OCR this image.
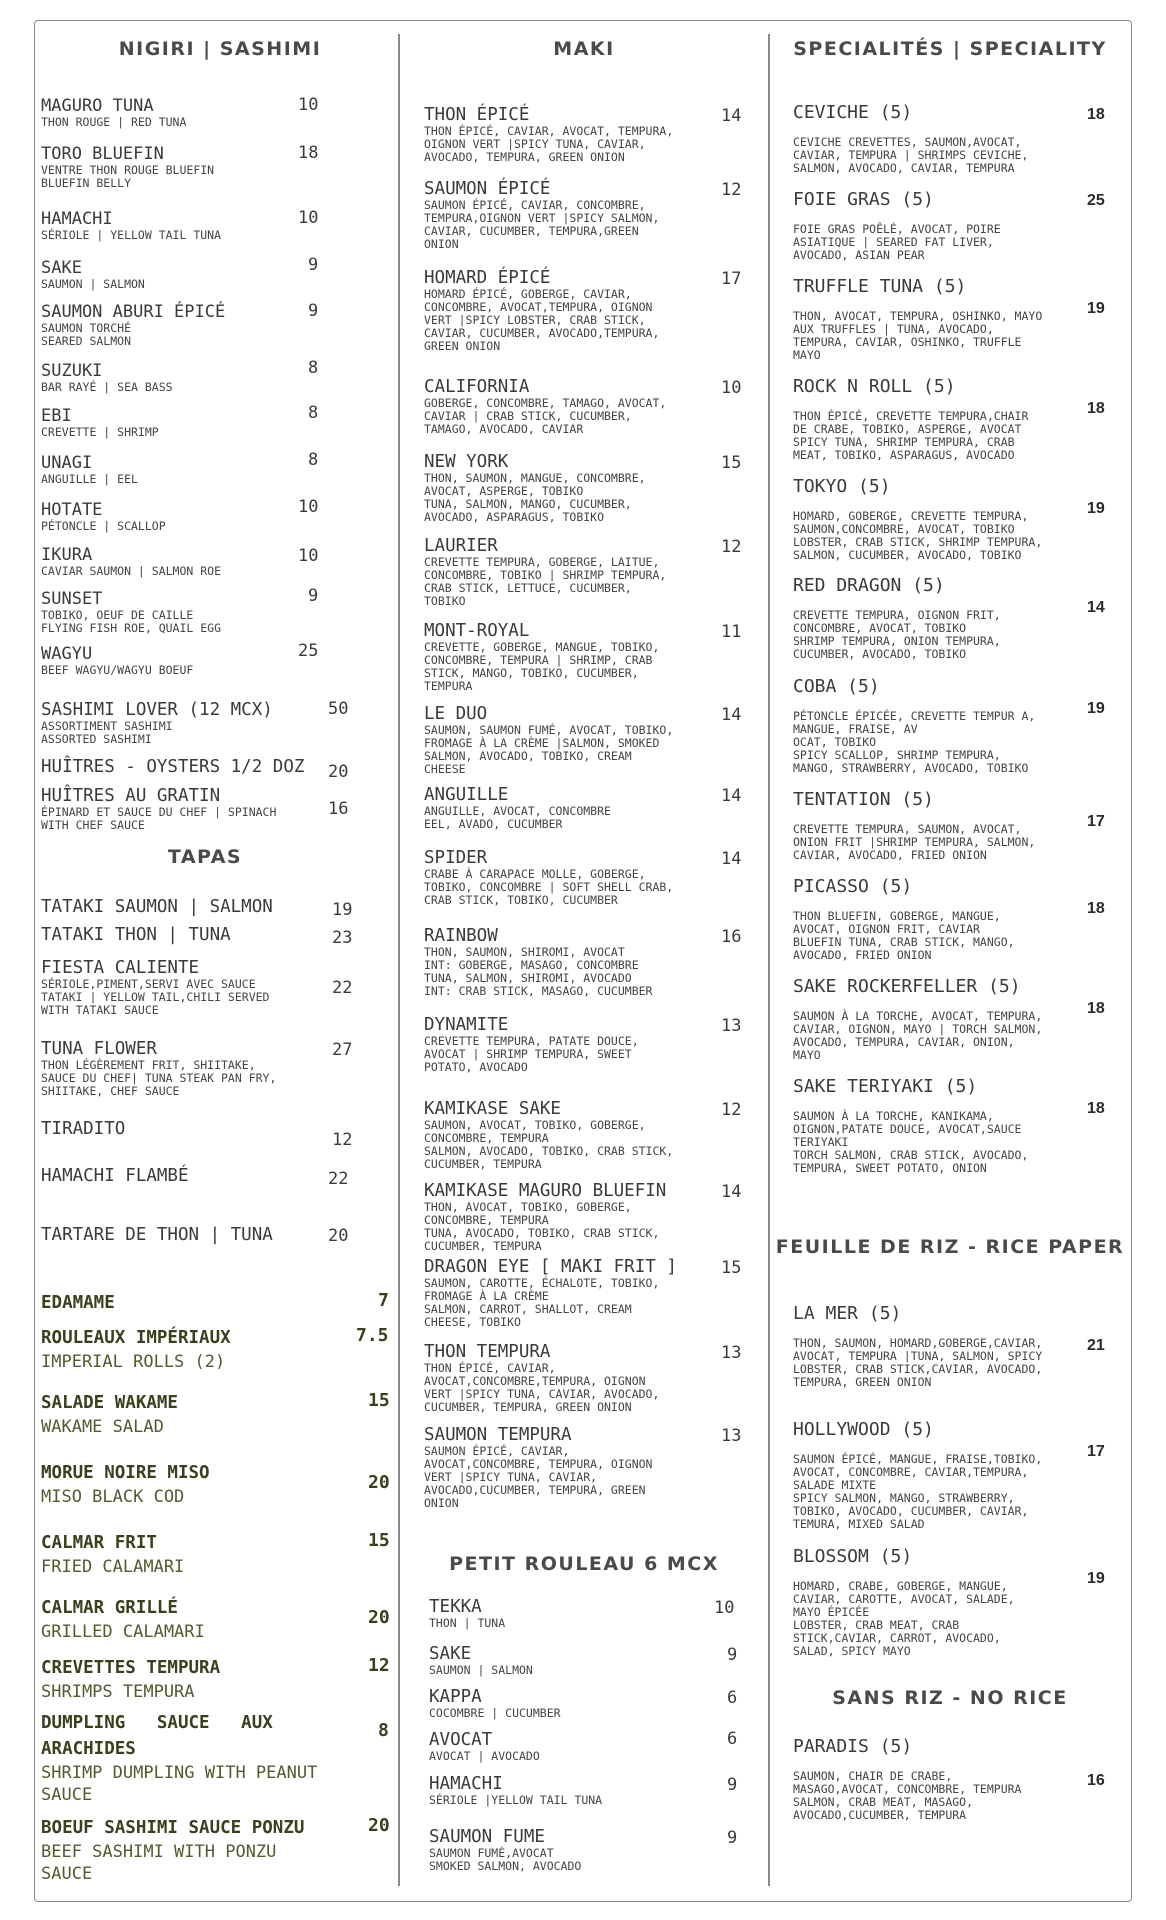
NIGIRI | SASHIMI	MAKI	SPECIALITÉS | SPECIALITY
MAGURO TUNA
THON ROUGE | RED TUNA
10
TORO BLUEFIN
VENTRE THON ROUGE BLUEFIN
BLUEFIN BELLY
18
HAMACHI
SÉRIOLE | YELLOW TAIL TUNA
10
SAKE
SAUMON | SALMON
9
SAUMON ABURI ÉPICÉ
SAUMON TORCHÉ
SEARED SALMON
9
SUZUKI
BAR RAYÉ | SEA BASS
8
EBI
CREVETTE | SHRIMP
8
UNAGI
ANGUILLE | EEL
8
HOTATE
PÉTONCLE | SCALLOP
10
IKURA
CAVIAR SAUMON | SALMON ROE
10
SUNSET
TOBIKO, OEUF DE CAILLE
FLYING FISH ROE, QUAIL EGG
9
WAGYU
BEEF WAGYU/WAGYU BOEUF
25
SASHIMI LOVER (12 MCX)
ASSORTIMENT SASHIMI
ASSORTED SASHIMI
50
HUÎTRES - OYSTERS 1/2 DOZ 20
HUÎTRES AU GRATIN
ÉPINARD ET SAUCE DU CHEF | SPINACH
WITH CHEF SAUCE
16
TAPAS
TATAKI SAUMON | SALMON	19
TATAKI THON | TUNA	23
FIESTA CALIENTE
SÉRIOLE,PIMENT,SERVI AVEC SAUCE
TATAKI | YELLOW TAIL,CHILI SERVED
WITH TATAKI SAUCE
22
TUNA FLOWER
THON LÉGÈREMENT FRIT, SHIITAKE,
SAUCE DU CHEF| TUNA STEAK PAN FRY,
SHIITAKE, CHEF SAUCE
27
TIRADITO
12
HAMACHI FLAMBÉ	22
TARTARE DE THON | TUNA	20
EDAMAME	7
ROULEAUX IMPÉRIAUX
IMPERIAL ROLLS (2)
7.5
SALADE WAKAME
WAKAME SALAD
15
MORUE NOIRE MISO
MISO BLACK COD
20
CALMAR FRIT
FRIED CALAMARI
15
CALMAR GRILLÉ
GRILLED CALAMARI
20
CREVETTES TEMPURA
SHRIMPS TEMPURA
12
DUMPLING   SAUCE   AUX
ARACHIDES
SHRIMP DUMPLING WITH PEANUT
SAUCE
8
BOEUF SASHIMI SAUCE PONZU
BEEF SASHIMI WITH PONZU
SAUCE
20
THON ÉPICÉ
THON ÉPICÉ, CAVIAR, AVOCAT, TEMPURA,
OIGNON VERT |SPICY TUNA, CAVIAR,
AVOCADO, TEMPURA, GREEN ONION
14
SAUMON ÉPICÉ
SAUMON ÉPICÉ, CAVIAR, CONCOMBRE,
TEMPURA,OIGNON VERT |SPICY SALMON,
CAVIAR, CUCUMBER, TEMPURA,GREEN
ONION
12
HOMARD ÉPICÉ
HOMARD ÉPICÉ, GOBERGE, CAVIAR,
CONCOMBRE, AVOCAT,TEMPURA, OIGNON
VERT |SPICY LOBSTER, CRAB STICK,
CAVIAR, CUCUMBER, AVOCADO,TEMPURA,
GREEN ONION
17
CALIFORNIA
GOBERGE, CONCOMBRE, TAMAGO, AVOCAT,
CAVIAR | CRAB STICK, CUCUMBER,
TAMAGO, AVOCADO, CAVIAR
10
NEW YORK
THON, SAUMON, MANGUE, CONCOMBRE,
AVOCAT, ASPERGE, TOBIKO
TUNA, SALMON, MANGO, CUCUMBER,
AVOCADO, ASPARAGUS, TOBIKO
15
LAURIER
CREVETTE TEMPURA, GOBERGE, LAITUE,
CONCOMBRE, TOBIKO | SHRIMP TEMPURA,
CRAB STICK, LETTUCE, CUCUMBER,
TOBIKO
12
MONT-ROYAL
CREVETTE, GOBERGE, MANGUE, TOBIKO,
CONCOMBRE, TEMPURA | SHRIMP, CRAB
STICK, MANGO, TOBIKO, CUCUMBER,
TEMPURA
11
LE DUO
SAUMON, SAUMON FUMÉ, AVOCAT, TOBIKO,
FROMAGE À LA CRÈME |SALMON, SMOKED
SALMON, AVOCADO, TOBIKO, CREAM
CHEESE
14
ANGUILLE
ANGUILLE, AVOCAT, CONCOMBRE
EEL, AVADO, CUCUMBER
14
SPIDER
CRABE À CARAPACE MOLLE, GOBERGE,
TOBIKO, CONCOMBRE | SOFT SHELL CRAB,
CRAB STICK, TOBIKO, CUCUMBER
14
RAINBOW
THON, SAUMON, SHIROMI, AVOCAT
INT: GOBERGE, MASAGO, CONCOMBRE
TUNA, SALMON, SHIROMI, AVOCADO
INT: CRAB STICK, MASAGO, CUCUMBER
16
DYNAMITE
CREVETTE TEMPURA, PATATE DOUCE,
AVOCAT | SHRIMP TEMPURA, SWEET
POTATO, AVOCADO
13
KAMIKASE SAKE
SAUMON, AVOCAT, TOBIKO, GOBERGE,
CONCOMBRE, TEMPURA
SALMON, AVOCADO, TOBIKO, CRAB STICK,
CUCUMBER, TEMPURA
12
KAMIKASE MAGURO BLUEFIN
THON, AVOCAT, TOBIKO, GOBERGE,
CONCOMBRE, TEMPURA
TUNA, AVOCADO, TOBIKO, CRAB STICK,
CUCUMBER, TEMPURA
14
DRAGON EYE [ MAKI FRIT ]
SAUMON, CAROTTE, ÉCHALOTE, TOBIKO,
FROMAGE À LA CRÈME
SALMON, CARROT, SHALLOT, CREAM
CHEESE, TOBIKO
15
THON TEMPURA
THON ÉPICÉ, CAVIAR,
AVOCAT,CONCOMBRE,TEMPURA, OIGNON
VERT |SPICY TUNA, CAVIAR, AVOCADO,
CUCUMBER, TEMPURA, GREEN ONION
13
SAUMON TEMPURA
SAUMON ÉPICÉ, CAVIAR,
AVOCAT,CONCOMBRE, TEMPURA, OIGNON
VERT |SPICY TUNA, CAVIAR,
AVOCADO,CUCUMBER, TEMPURA, GREEN
ONION
13
PETIT ROULEAU 6 MCX
TEKKA
THON | TUNA
10
SAKE
SAUMON | SALMON
9
KAPPA
COCOMBRE | CUCUMBER
6
AVOCAT
AVOCAT | AVOCADO
6
HAMACHI
SÉRIOLE |YELLOW TAIL TUNA
9
SAUMON FUME
SAUMON FUMÉ,AVOCAT
SMOKED SALMON, AVOCADO
9
CEVICHE (5)
CEVICHE CREVETTES, SAUMON,AVOCAT,
CAVIAR, TEMPURA | SHRIMPS CEVICHE,
SALMON, AVOCADO, CAVIAR, TEMPURA
18
FOIE GRAS (5)
FOIE GRAS POÊLÉ, AVOCAT, POIRE
ASIATIQUE | SEARED FAT LIVER,
AVOCADO, ASIAN PEAR
25
TRUFFLE TUNA (5)
THON, AVOCAT, TEMPURA, OSHINKO, MAYO
AUX TRUFFLES | TUNA, AVOCADO,
TEMPURA, CAVIAR, OSHINKO, TRUFFLE
MAYO
19
ROCK N ROLL (5)
THON ÉPICÉ, CREVETTE TEMPURA,CHAIR
DE CRABE, TOBIKO, ASPERGE, AVOCAT
SPICY TUNA, SHRIMP TEMPURA, CRAB
MEAT, TOBIKO, ASPARAGUS, AVOCADO
18
TOKYO (5)
HOMARD, GOBERGE, CREVETTE TEMPURA,
SAUMON,CONCOMBRE, AVOCAT, TOBIKO
LOBSTER, CRAB STICK, SHRIMP TEMPURA,
SALMON, CUCUMBER, AVOCADO, TOBIKO
19
RED DRAGON (5)
CREVETTE TEMPURA, OIGNON FRIT,
CONCOMBRE, AVOCAT, TOBIKO
SHRIMP TEMPURA, ONION TEMPURA,
CUCUMBER, AVOCADO, TOBIKO
14
COBA (5)
PÉTONCLE ÉPICÉE, CREVETTE TEMPUR A,
MANGUE, FRAISE, AV
OCAT, TOBIKO
SPICY SCALLOP, SHRIMP TEMPURA,
MANGO, STRAWBERRY, AVOCADO, TOBIKO
19
TENTATION (5)
CREVETTE TEMPURA, SAUMON, AVOCAT,
ONION FRIT |SHRIMP TEMPURA, SALMON,
CAVIAR, AVOCADO, FRIED ONION
17
PICASSO (5)
THON BLUEFIN, GOBERGE, MANGUE,
AVOCAT, OIGNON FRIT, CAVIAR
BLUEFIN TUNA, CRAB STICK, MANGO,
AVOCADO, FRIED ONION
18
SAKE ROCKERFELLER (5)
SAUMON À LA TORCHE, AVOCAT, TEMPURA,
CAVIAR, OIGNON, MAYO | TORCH SALMON,
AVOCADO, TEMPURA, CAVIAR, ONION,
MAYO
18
SAKE TERIYAKI (5)
SAUMON À LA TORCHE, KANIKAMA,
OIGNON,PATATE DOUCE, AVOCAT,SAUCE
TERIYAKI
TORCH SALMON, CRAB STICK, AVOCADO,
TEMPURA, SWEET POTATO, ONION
18
FEUILLE DE RIZ - RICE PAPER
LA MER (5)
THON, SAUMON, HOMARD,GOBERGE,CAVIAR,
AVOCAT, TEMPURA |TUNA, SALMON, SPICY
LOBSTER, CRAB STICK,CAVIAR, AVOCADO,
TEMPURA, GREEN ONION
21
HOLLYWOOD (5)
SAUMON ÉPICÉ, MANGUE, FRAISE,TOBIKO,
AVOCAT, CONCOMBRE, CAVIAR,TEMPURA,
SALADE MIXTE
SPICY SALMON, MANGO, STRAWBERRY,
TOBIKO, AVOCADO, CUCUMBER, CAVIAR,
TEMURA, MIXED SALAD
17
BLOSSOM (5)
HOMARD, CRABE, GOBERGE, MANGUE,
CAVIAR, CAROTTE, AVOCAT, SALADE,
MAYO ÉPICÉE
LOBSTER, CRAB MEAT, CRAB
STICK,CAVIAR, CARROT, AVOCADO,
SALAD, SPICY MAYO
19
SANS RIZ - NO RICE
PARADIS (5)
SAUMON, CHAIR DE CRABE,
MASAGO,AVOCAT, CONCOMBRE, TEMPURA
SALMON, CRAB MEAT, MASAGO,
AVOCADO,CUCUMBER, TEMPURA
16
